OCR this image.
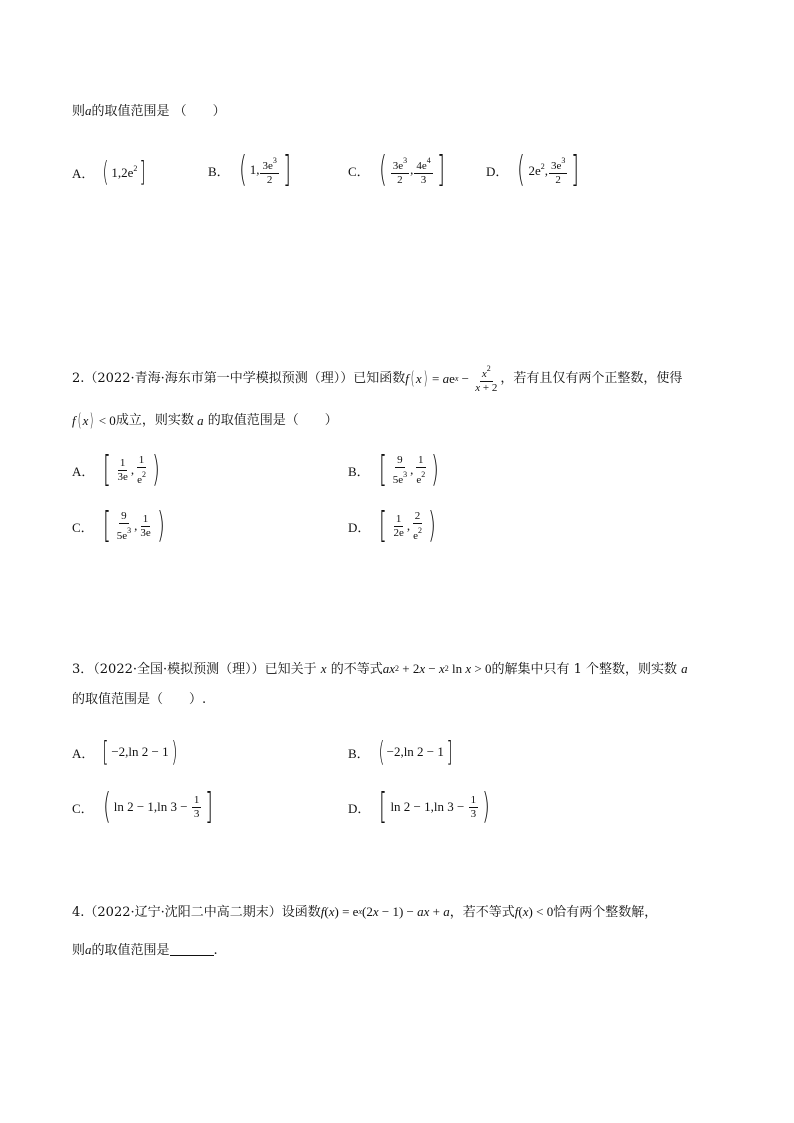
则a的取值范围是 （　　）
A． ( $1,2e^2$ ]	B． ( 1, $\frac{3e^3}{2}$ ]	C． ( $\frac{3e^3}{2}$ , $\frac{4e^4}{3}$ ]	D． ( $2e^2$, $\frac{3e^3}{2}$ ]
2.（2022·青海·海东市第一中学模拟预测（理））已知函数 f ( x ) = a e $x - \frac{x^2}{x + 2}$ ，若有且仅有两个正整数，使得
f ( x ) < 0 成立，则实数
a
的取值范围是（　　）
A． [ $\frac{1}{3e}$ , $\frac{1}{e^2}$ )	B． [ $\frac{9}{5e^3}$ , $\frac{1}{e^2}$ )
C． [ $\frac{9}{5e^3}$ , $\frac{1}{3e}$ )	D． [ $\frac{1}{2e}$ , $\frac{2}{e^2}$ )
3．（2022·全国·模拟预测（理））已知关于 x 的不等式 ax 2 + 2 x − x 2 ln x > 0 的解集中只有 1 个整数，则实数 a
的取值范围是（　　）.
A． [ −2,ln 2 − 1 )	B． ( −2,ln 2 − 1 ]
C． ( ln 2 − 1,ln $3 - \frac{1}{3}$ ]	D． [ ln 2 − 1,ln $3 - \frac{1}{3}$ )
4.（2022·辽宁·沈阳二中高二期末）设函数 f ( x ) = e x (2 x − 1) − ax + a ，若不等式 f ( x ) < 0 恰有两个整数解，
则a的取值范围是	.
